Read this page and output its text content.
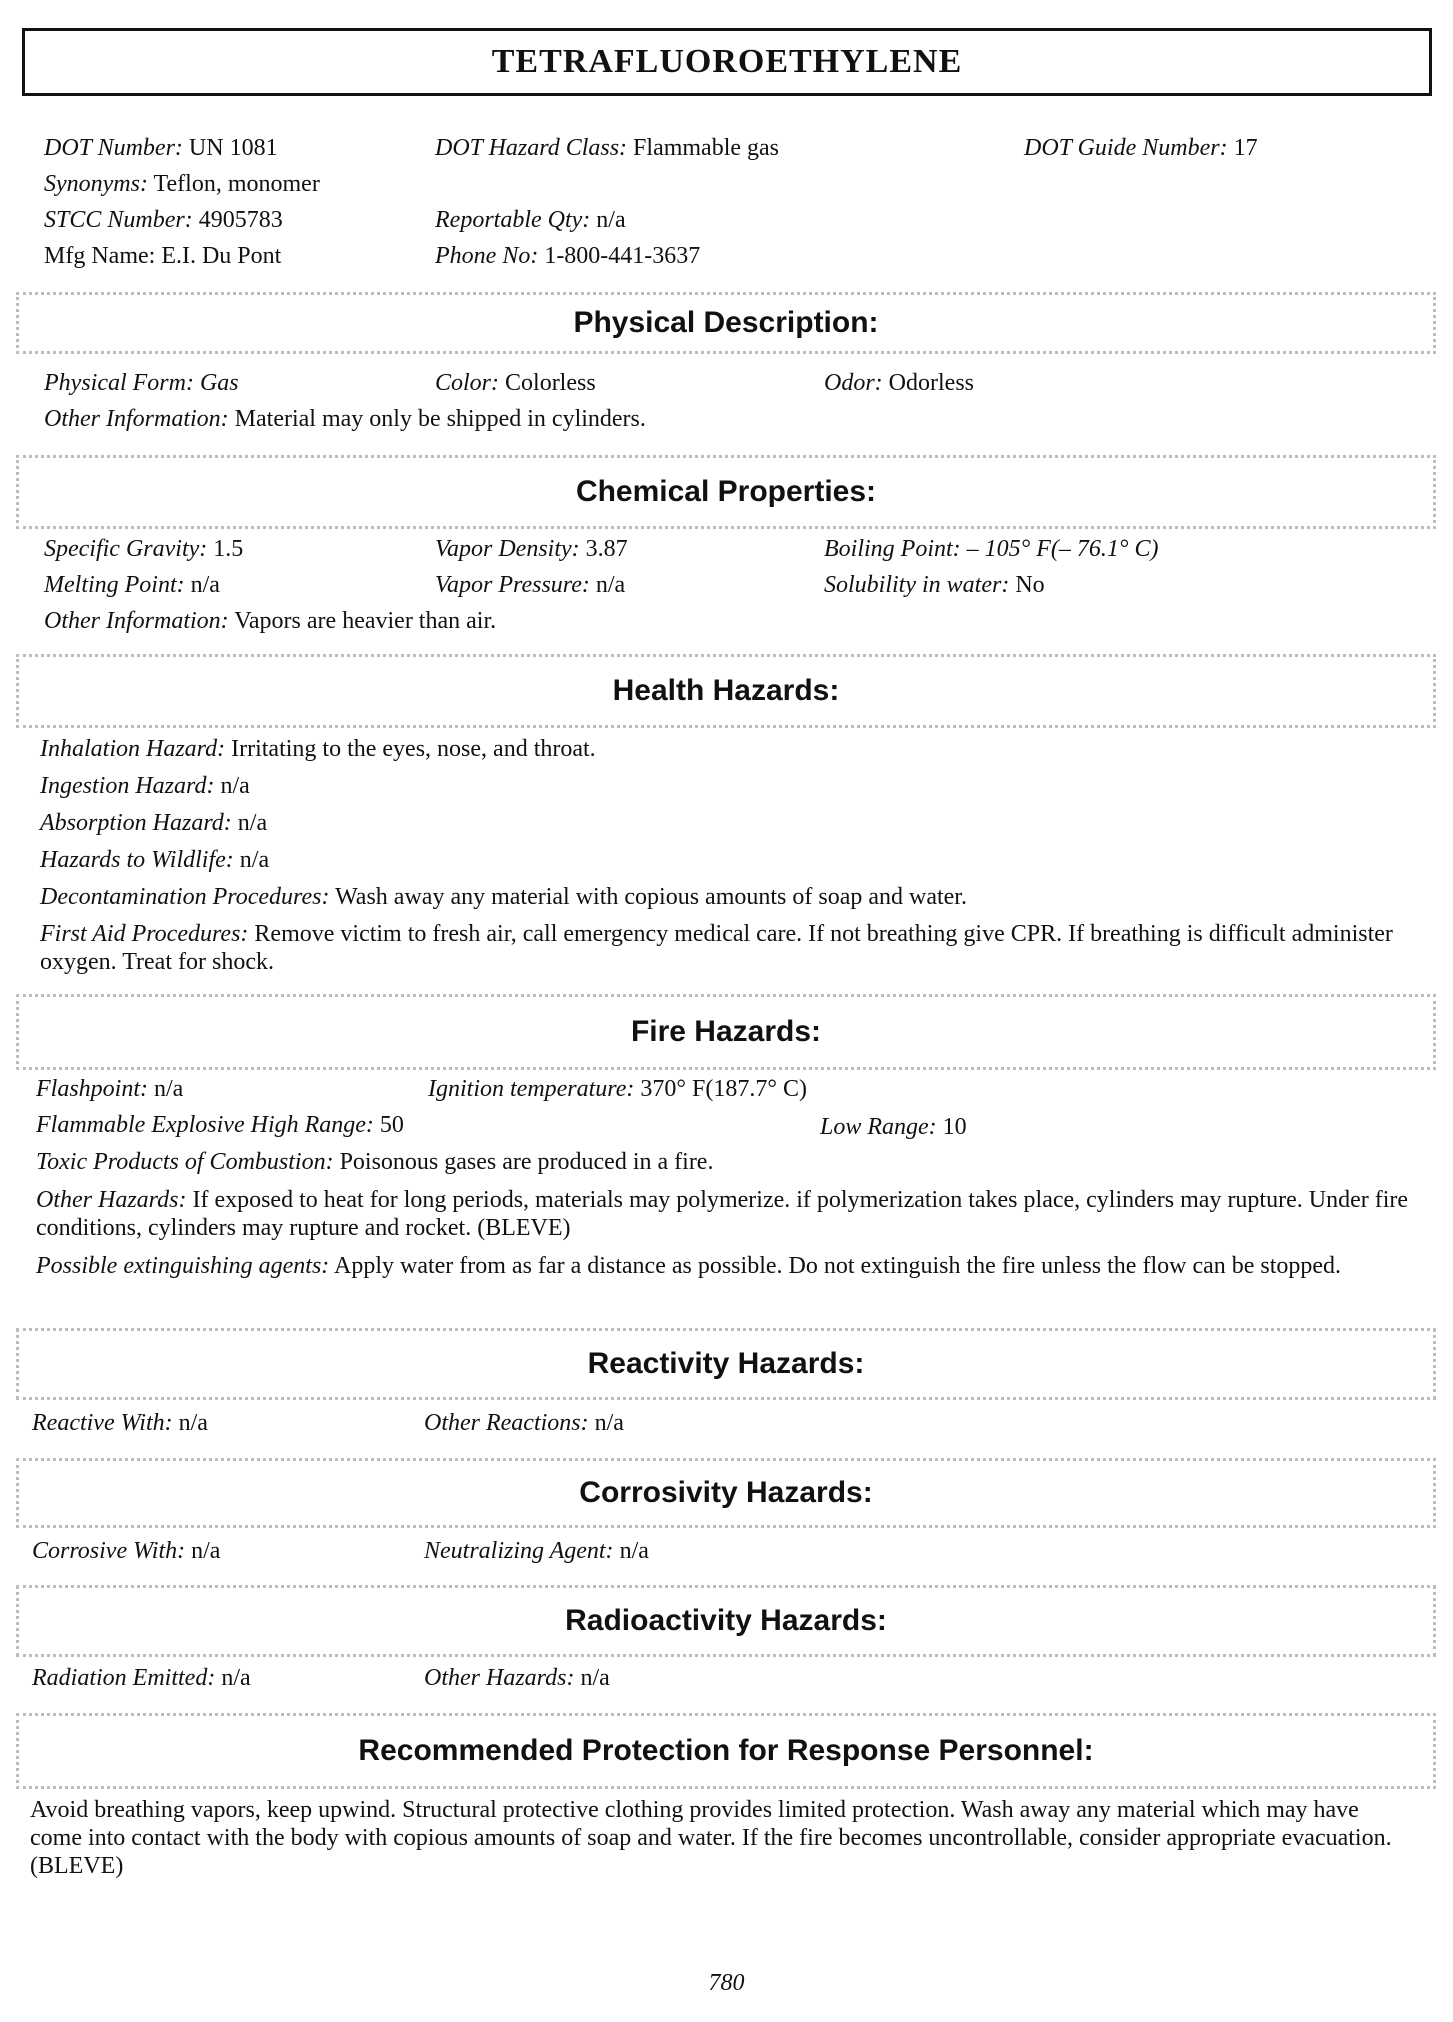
TETRAFLUOROETHYLENE
DOT Number: UN 1081	DOT Hazard Class: Flammable gas	DOT Guide Number: 17
Synonyms: Teflon, monomer
STCC Number: 4905783	Reportable Qty: n/a
Mfg Name: E.I. Du Pont	Phone No: 1-800-441-3637
Physical Description:
Physical Form: Gas	Color: Colorless	Odor: Odorless
Other Information: Material may only be shipped in cylinders.
Chemical Properties:
Specific Gravity: 1.5	Vapor Density: 3.87	Boiling Point: – 105° F(– 76.1° C)
Melting Point: n/a	Vapor Pressure: n/a	Solubility in water: No
Other Information: Vapors are heavier than air.
Health Hazards:
Inhalation Hazard: Irritating to the eyes, nose, and throat.
Ingestion Hazard: n/a
Absorption Hazard: n/a
Hazards to Wildlife: n/a
Decontamination Procedures: Wash away any material with copious amounts of soap and water.
First Aid Procedures: Remove victim to fresh air, call emergency medical care. If not breathing give CPR. If breathing is difficult administer oxygen. Treat for shock.
Fire Hazards:
Flashpoint: n/a	Ignition temperature: 370° F(187.7° C)
Flammable Explosive High Range: 50	Low Range: 10
Toxic Products of Combustion: Poisonous gases are produced in a fire.
Other Hazards: If exposed to heat for long periods, materials may polymerize. if polymerization takes place, cylinders may rupture. Under fire conditions, cylinders may rupture and rocket. (BLEVE)
Possible extinguishing agents: Apply water from as far a distance as possible. Do not extinguish the fire unless the flow can be stopped.
Reactivity Hazards:
Reactive With: n/a	Other Reactions: n/a
Corrosivity Hazards:
Corrosive With: n/a	Neutralizing Agent: n/a
Radioactivity Hazards:
Radiation Emitted: n/a	Other Hazards: n/a
Recommended Protection for Response Personnel:
Avoid breathing vapors, keep upwind. Structural protective clothing provides limited protection. Wash away any material which may have come into contact with the body with copious amounts of soap and water. If the fire becomes uncontrollable, consider appropriate evacuation. (BLEVE)
780
